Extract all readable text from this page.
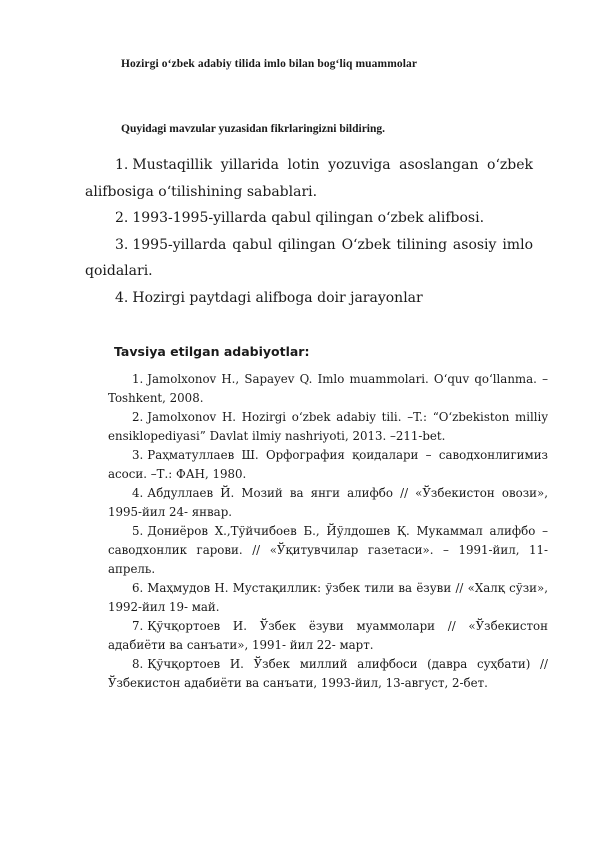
Hozirgi o‘zbek adabiy tilida imlo bilan bog‘liq muammolar
Quyidagi mavzular yuzasidan fikrlaringizni bildiring.

1. Mustaqillik yillarida lotin yozuviga asoslangan o‘zbek alifbosiga o‘tilishining sabablari.

2. 1993-1995-yillarda qabul qilingan o‘zbek alifbosi.

3. 1995-yillarda qabul qilingan O‘zbek tilining asosiy imlo qoidalari.

4. Hozirgi paytdagi alifboga doir jarayonlar

Tavsiya etilgan adabiyotlar:

1. Jamolxonov H., Sapayev Q. Imlo muammolari. O‘quv qo‘llanma. – Toshkent, 2008.

2. Jamolxonov H. Hozirgi o‘zbek adabiy tili. –T.: “O‘zbekiston milliy ensiklopediyasi” Davlat ilmiy nashriyoti, 2013. –211-bet.

3. Раҳматуллаев Ш. Орфография қоидалари – саводхонлигимиз асоси. –Т.: ФАН, 1980.

4. Абдуллаев Й. Мозий ва янги алифбо // «Ўзбекистон овози», 1995-йил 24- январ.

5. Дониёров Х.,Тўйчибоев Б., Йўлдошев Қ. Мукаммал алифбо – саводхонлик гарови. // «Ўқитувчилар газетаси». – 1991-йил, 11-апрель.

6. Маҳмудов Н. Мустақиллик: ўзбек тили ва ёзуви // «Халқ сўзи», 1992-йил 19- май.

7. Қўчқортоев И. Ўзбек ёзуви муаммолари // «Ўзбекистон адабиёти ва санъати», 1991- йил 22- март.

8. Қўчқортоев И. Ўзбек миллий алифбоси (давра суҳбати) //Ўзбекистон адабиёти ва санъати, 1993-йил, 13-август, 2-бет.
